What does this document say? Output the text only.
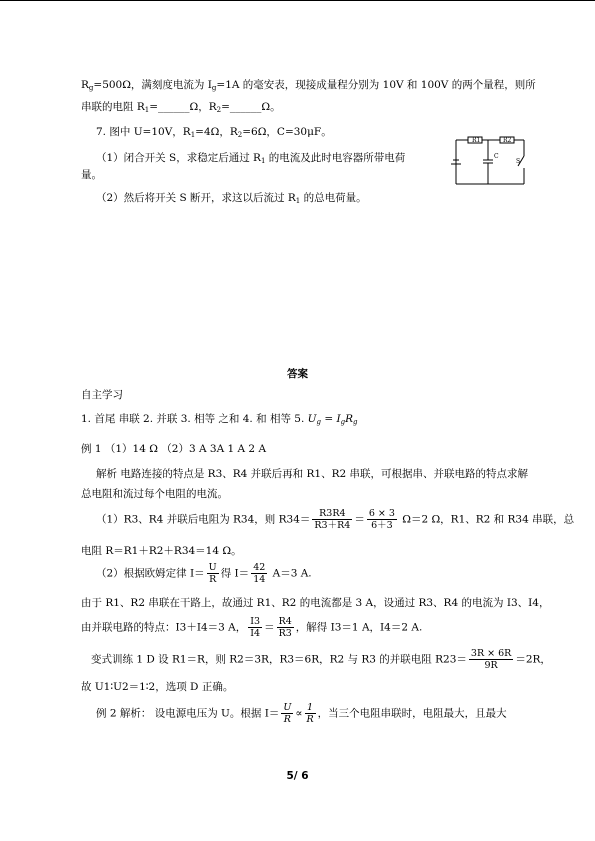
$R_g=500\Omega$，满刻度电流为 $I_g=1A$ 的毫安表，现接成量程分别为 10V 和 100V 的两个量程，则所
串联的电阻 $R_1=\_\_\_\_\_\_\Omega$，$R_2=\_\_\_\_\_\_\Omega$。
7. 图中 U=10V，$R_1=4\Omega$，$R_2=6\Omega$，C=30μF。
（1）闭合开关 S，求稳定后通过 $R_1$ 的电流及此时电容器所带电荷
量。
（2）然后将开关 S 断开，求这以后流过 $R_1$ 的总电荷量。
R1	R2
C
S
答案
自主学习
1. 首尾 串联 2. 并联 3. 相等 之和 4. 和 相等 5. $U_g = I_gR_g$
例 1 （1）14 Ω （2）3 A 3A 1 A 2 A
解析 电路连接的特点是 R3、R4 并联后再和 R1、R2 串联，可根据串、并联电路的特点求解
总电阻和流过每个电阻的电流。
（1）R3、R4 并联后电阻为 R34，则 $R34= \frac{R3R4}{R3+R4} = \frac{6 \times 3}{6+3} \Omega=2$ Ω，R1、R2 和 R34 串联，总
电阻 R＝R1＋R2＋R34＝14 Ω。
（2）根据欧姆定律 $I= \frac{U}{R}$ 得 $I= \frac{42}{14} A=3$ A.
由于 R1、R2 串联在干路上，故通过 R1、R2 的电流都是 3 A，设通过 R3、R4 的电流为 I3、I4，
由并联电路的特点：I3＋I4＝3 A， $\frac{I3}{I4} = \frac{R4}{R3}$ ，解得 I3＝1 A，I4＝2 A.
变式训练 1 D 设 R1＝R，则 R2＝3R，R3＝6R，R2 与 R3 的并联电阻 $R23= \frac{3R \times 6R}{9R} =2R$，
故 U1∶U2＝1∶2，选项 D 正确。
例 2 解析： 设电源电压为 U。根据 $I= \frac{U}{R} \propto \frac{1}{R}$ ，当三个电阻串联时，电阻最大，且最大
5/ 6
